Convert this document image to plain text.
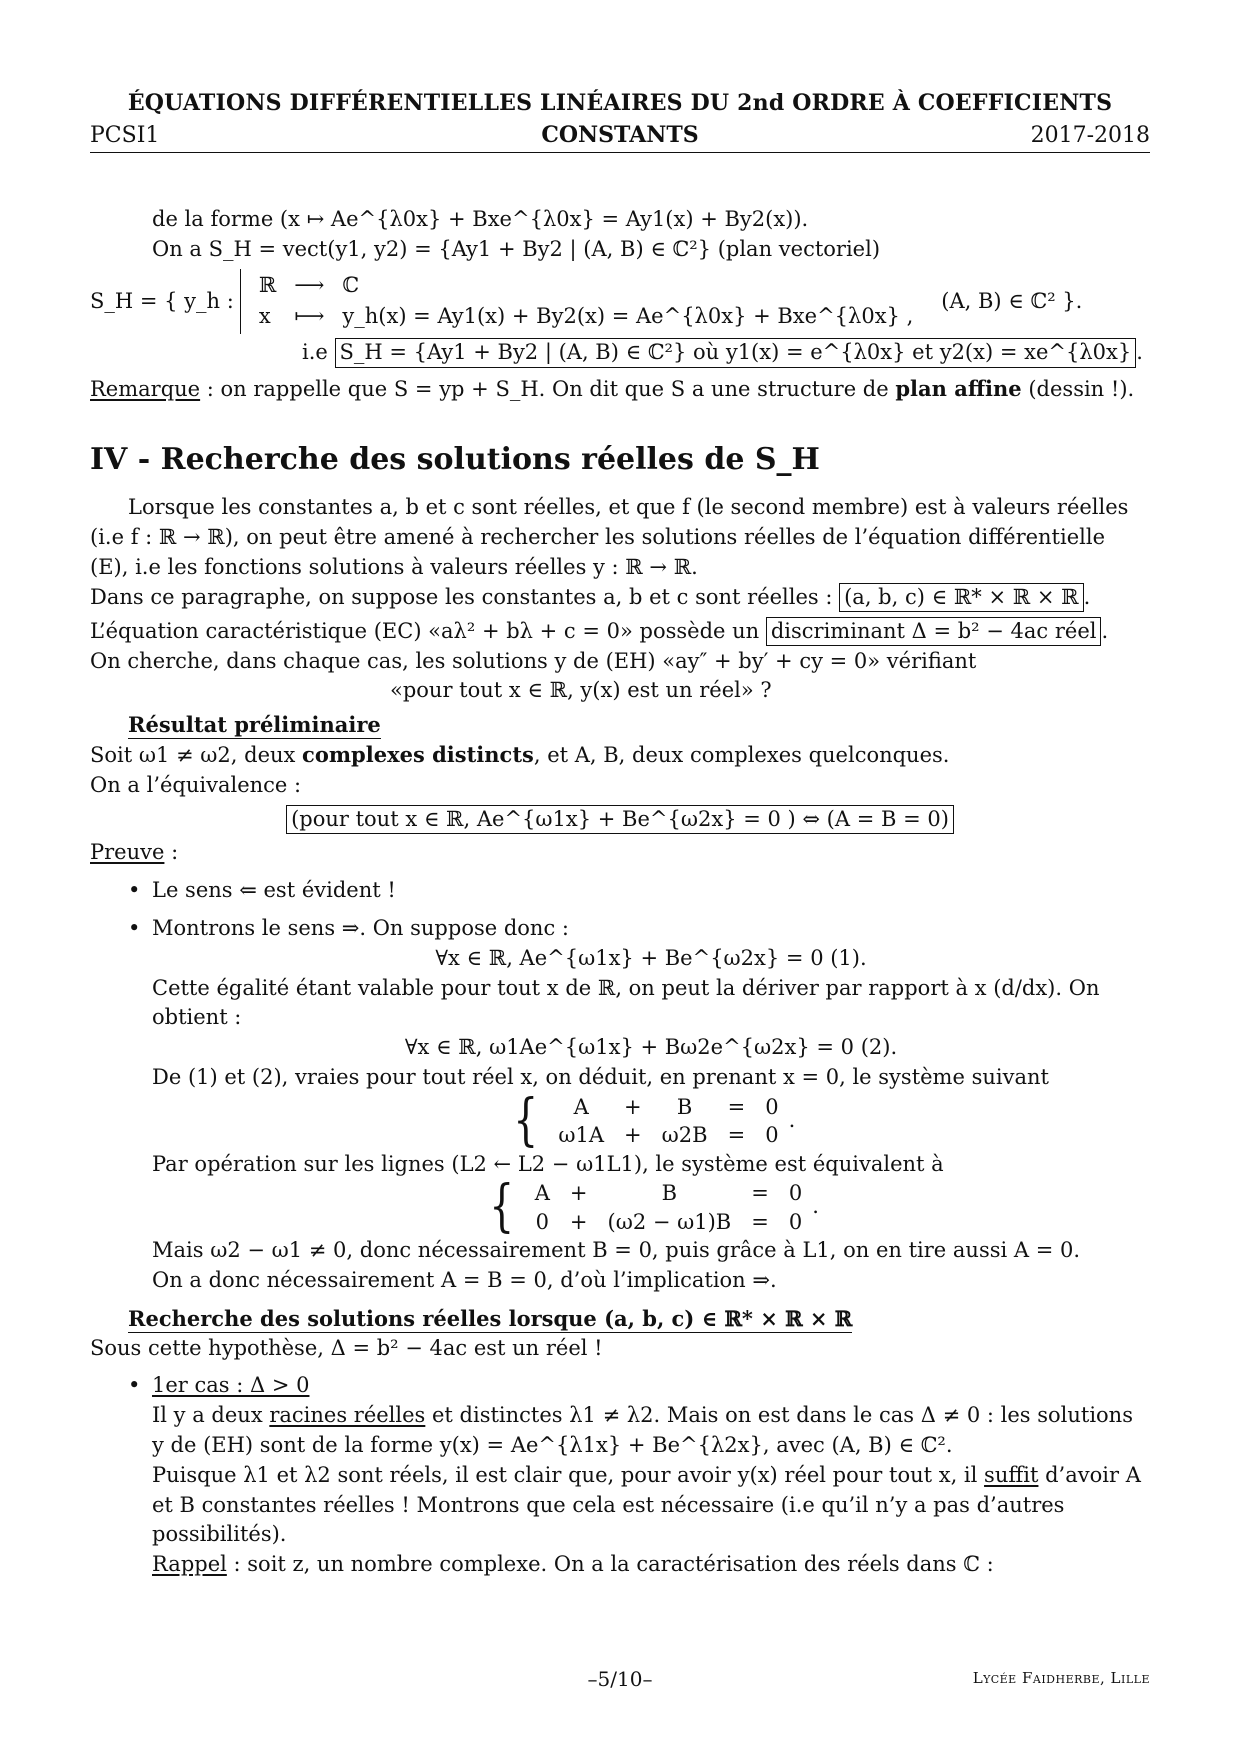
ÉQUATIONS DIFFÉRENTIELLES LINÉAIRES DU 2nd ORDRE À COEFFICIENTS
PCSI1	CONSTANTS	2017-2018

de la forme (x ↦ Ae^{λ0x} + Bxe^{λ0x} = Ay1(x) + By2(x)).

On a S_H = vect(y1, y2) = {Ay1 + By2 | (A, B) ∈ ℂ²} (plan vectoriel)

S_H = { y_h :
ℝ	⟶	ℂ
x	⟼	y_h(x) = Ay1(x) + By2(x) = Ae^{λ0x} + Bxe^{λ0x} ,
(A, B) ∈ ℂ² }.

i.e S_H = {Ay1 + By2 | (A, B) ∈ ℂ²} où y1(x) = e^{λ0x} et y2(x) = xe^{λ0x} .

Remarque : on rappelle que S = yp + S_H. On dit que S a une structure de plan affine (dessin !).

IV - Recherche des solutions réelles de S_H

Lorsque les constantes a, b et c sont réelles, et que f (le second membre) est à valeurs réelles (i.e f : ℝ → ℝ), on peut être amené à rechercher les solutions réelles de l’équation différentielle (E), i.e les fonctions solutions à valeurs réelles y : ℝ → ℝ.

Dans ce paragraphe, on suppose les constantes a, b et c sont réelles : (a, b, c) ∈ ℝ* × ℝ × ℝ .

L’équation caractéristique (EC) «aλ² + bλ + c = 0» possède un discriminant Δ = b² − 4ac réel .

On cherche, dans chaque cas, les solutions y de (EH) «ay″ + by′ + cy = 0» vérifiant

«pour tout x ∈ ℝ, y(x) est un réel» ?

Résultat préliminaire

Soit ω1 ≠ ω2, deux complexes distincts, et A, B, deux complexes quelconques.

On a l’équivalence :

(pour tout x ∈ ℝ, Ae^{ω1x} + Be^{ω2x} = 0 ) ⇔ (A = B = 0)

Preuve :

• Le sens ⇐ est évident !

• Montrons le sens ⇒. On suppose donc :

∀x ∈ ℝ, Ae^{ω1x} + Be^{ω2x} = 0 (1).

Cette égalité étant valable pour tout x de ℝ, on peut la dériver par rapport à x (d/dx). On obtient :

∀x ∈ ℝ, ω1Ae^{ω1x} + Bω2e^{ω2x} = 0 (2).

De (1) et (2), vraies pour tout réel x, on déduit, en prenant x = 0, le système suivant

{ A	+	B	=	0
ω1A	+	ω2B	=	0
.

Par opération sur les lignes (L2 ← L2 − ω1L1), le système est équivalent à

{ A	+	B	=	0
0	+	(ω2 − ω1)B	=	0
.

Mais ω2 − ω1 ≠ 0, donc nécessairement B = 0, puis grâce à L1, on en tire aussi A = 0.

On a donc nécessairement A = B = 0, d’où l’implication ⇒.

Recherche des solutions réelles lorsque (a, b, c) ∈ ℝ* × ℝ × ℝ

Sous cette hypothèse, Δ = b² − 4ac est un réel !

• 1er cas : Δ > 0

Il y a deux racines réelles et distinctes λ1 ≠ λ2. Mais on est dans le cas Δ ≠ 0 : les solutions y de (EH) sont de la forme y(x) = Ae^{λ1x} + Be^{λ2x}, avec (A, B) ∈ ℂ².

Puisque λ1 et λ2 sont réels, il est clair que, pour avoir y(x) réel pour tout x, il suffit d’avoir A et B constantes réelles ! Montrons que cela est nécessaire (i.e qu’il n’y a pas d’autres possibilités).

Rappel : soit z, un nombre complexe. On a la caractérisation des réels dans ℂ :

–5/10–	Lycée Faidherbe, Lille
